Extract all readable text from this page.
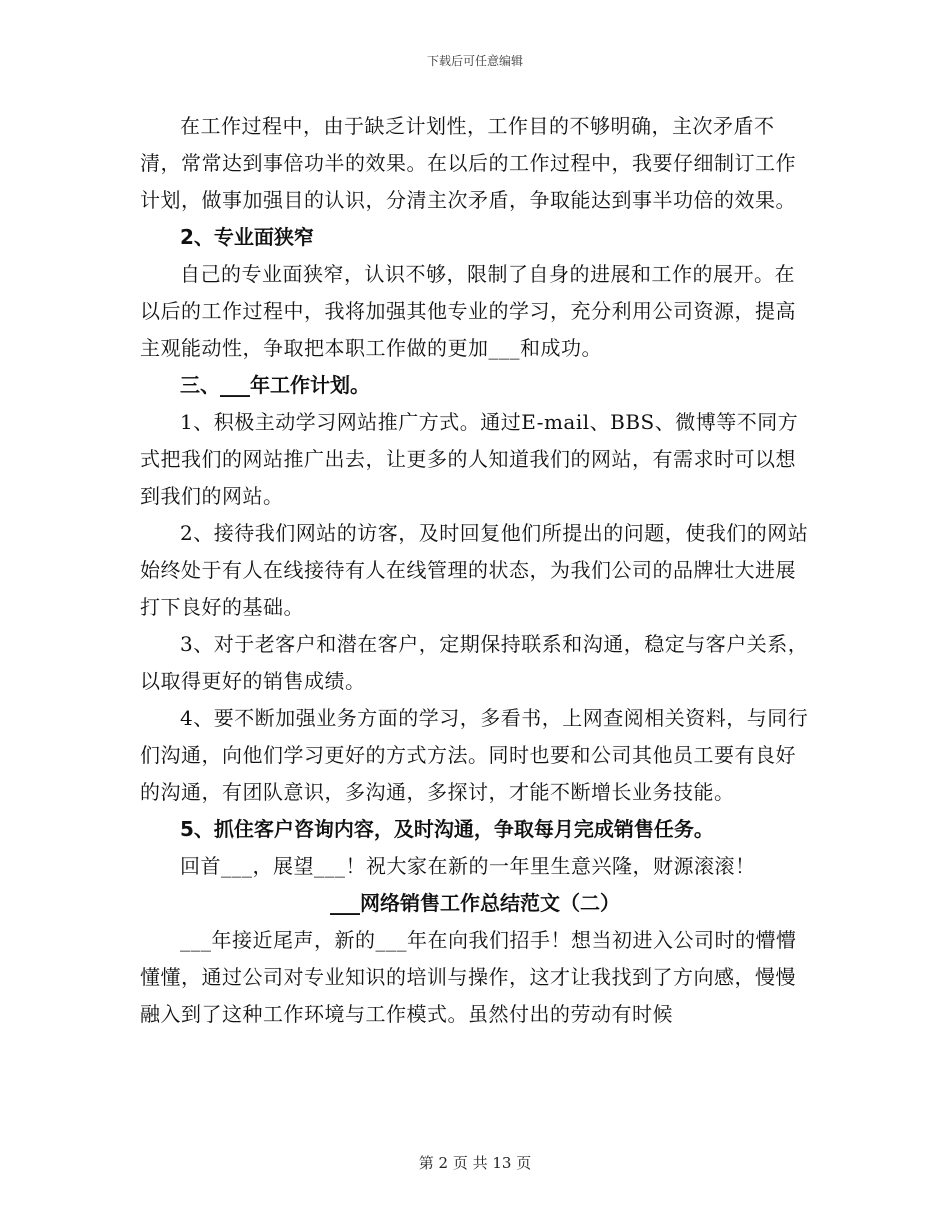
下载后可任意编辑

在工作过程中，由于缺乏计划性，工作目的不够明确，主次矛盾不清，常常达到事倍功半的效果。在以后的工作过程中，我要仔细制订工作计划，做事加强目的认识，分清主次矛盾，争取能达到事半功倍的效果。

2、专业面狭窄

自己的专业面狭窄，认识不够，限制了自身的进展和工作的展开。在以后的工作过程中，我将加强其他专业的学习，充分利用公司资源，提高主观能动性，争取把本职工作做的更加___和成功。

三、___年工作计划。

1、积极主动学习网站推广方式。通过E-mail、BBS、微博等不同方式把我们的网站推广出去，让更多的人知道我们的网站，有需求时可以想到我们的网站。

2、接待我们网站的访客，及时回复他们所提出的问题，使我们的网站始终处于有人在线接待有人在线管理的状态，为我们公司的品牌壮大进展打下良好的基础。

3、对于老客户和潜在客户，定期保持联系和沟通，稳定与客户关系，以取得更好的销售成绩。

4、要不断加强业务方面的学习，多看书，上网查阅相关资料，与同行们沟通，向他们学习更好的方式方法。同时也要和公司其他员工要有良好的沟通，有团队意识，多沟通，多探讨，才能不断增长业务技能。

5、抓住客户咨询内容，及时沟通，争取每月完成销售任务。

回首___，展望___！祝大家在新的一年里生意兴隆，财源滚滚！

___网络销售工作总结范文（二）

___年接近尾声，新的___年在向我们招手！想当初进入公司时的懵懵懂懂，通过公司对专业知识的培训与操作，这才让我找到了方向感，慢慢融入到了这种工作环境与工作模式。虽然付出的劳动有时候

第 2 页 共 13 页
